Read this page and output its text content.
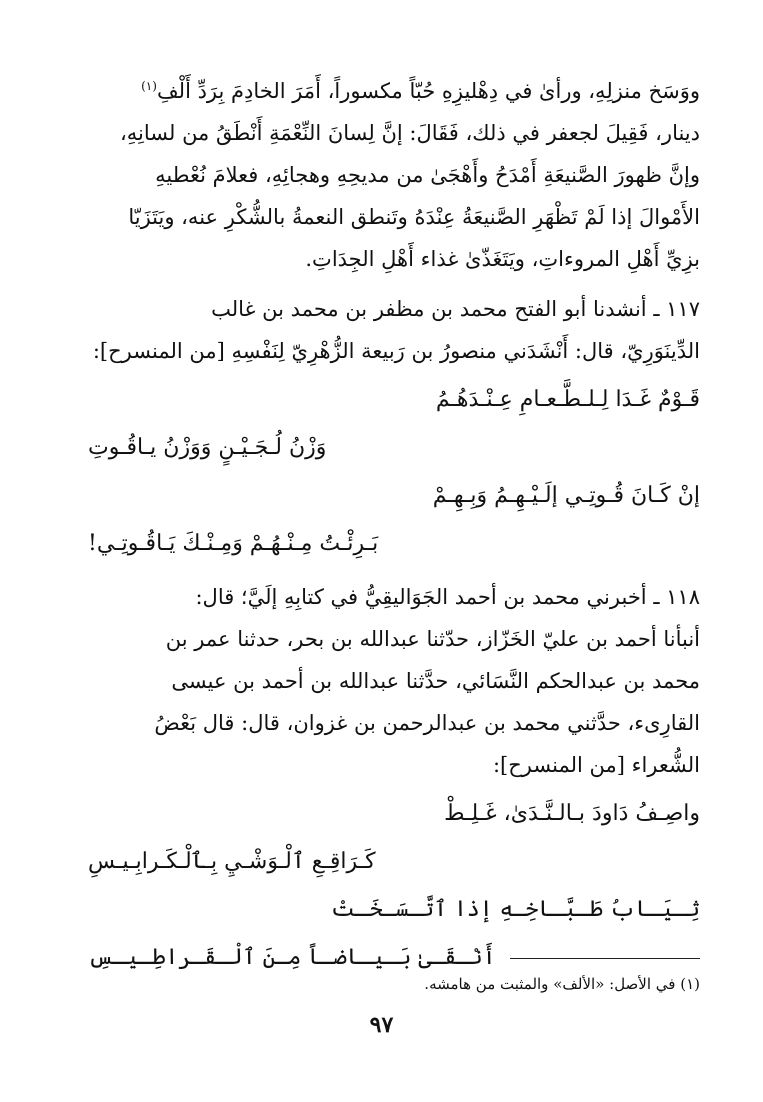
ووَسَخ منزلِهِ، ورأىٰ في دِهْليزِهِ حُبّاً مكسوراً، أَمَرَ الخادِمَ بِرَدِّ أَلْفِ$^{(١)}$

دينار، فَقِيلَ لجعفر في ذلك، فَقَالَ: إنَّ لِسانَ النِّعْمَةِ أَنْطَقُ من لسانِهِ،

وإنَّ ظهورَ الصَّنيعَةِ أَمْدَحُ وأَهْجَىٰ من مديحِهِ وهجائِهِ، فعلامَ نُعْطيهِ

الأَمْوالَ إذا لَمْ تَظْهَرِ الصَّنيعَةُ عِنْدَهُ وتَنطق النعمةُ بالشُّكْرِ عنه، ويَتَزَيّا

بزِيِّ أَهْلِ المروءاتِ، ويَتَغَذّىٰ غذاء أَهْلِ الجِدَاتِ.

١١٧ ـ أنشدنا أبو الفتح محمد بن مظفر بن محمد بن غالب

الدِّينَوَرِيّ، قال: أَنْشَدَني منصورُ بن رَبيعة الزُّهْرِيّ لِنَفْسِهِ [من المنسرح]:

قَـوْمٌ غَـدَا لِـلـطَّـعـامِ عِـنْـدَهُـمُ

وَزْنُ لُـجَـيْـنٍ وَوَزْنُ يـاقُـوتِ

إنْ كَـانَ قُـوتِـي إلَـيْـهِـمُ وَبِـهِـمْ

بَـرِئْـتُ مِـنْـهُـمْ وَمِـنْـكَ يَـاقُـوتِـي!

١١٨ ـ أخبرني محمد بن أحمد الجَوَاليقِيُّ في كتابِهِ إلَيَّ؛ قال:

أنبأنا أحمد بن عليّ الخَزّاز، حدّثنا عبدالله بن بحر، حدثنا عمر بن

محمد بن عبدالحكم النَّسَائي، حدَّثنا عبدالله بن أحمد بن عيسى

القارِىء، حدَّثني محمد بن عبدالرحمن بن غزوان، قال: قال بَعْضُ

الشُّعراء [من المنسرح]:

واصِـفُ دَاودَ بـالـنَّـدَىٰ، غَـلِـطْ

كَـرَاقِـعِ ٱلْـوَشْـيِ بِـٱلْـكَـرابِـيـسِ

ثِـيَـابُ طَـبَّـاخِـهِ إذا ٱتَّـسَـخَـتْ

أَنْـقَـىٰ بَـيـاضـاً مِـنَ ٱلْـقَـراطِـيـسِ

(١) في الأصل: «الألف» والمثبت من هامشه.

٩٧
